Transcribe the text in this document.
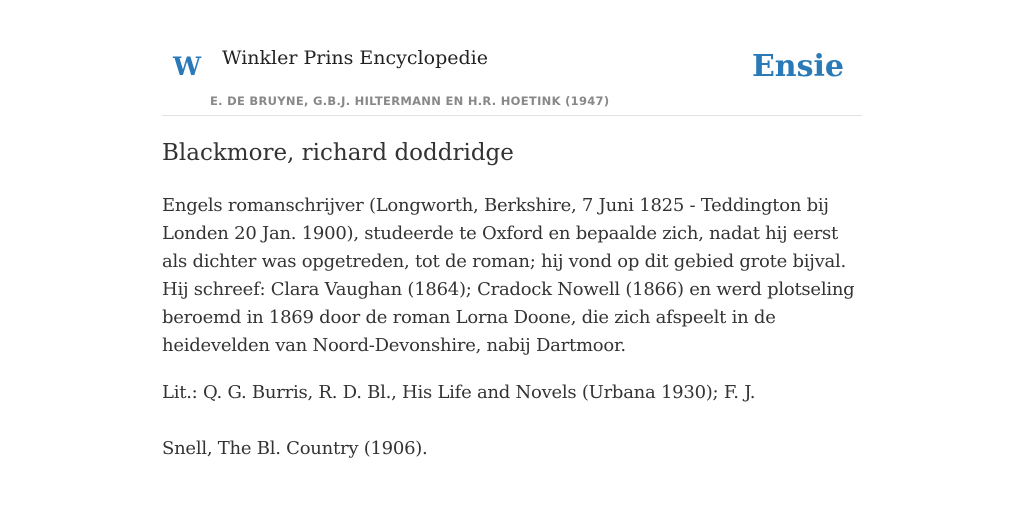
W Winkler Prins Encyclopedie
E. DE BRUYNE, G.B.J. HILTERMANN EN H.R. HOETINK (1947)
Ensie
Blackmore, richard doddridge

Engels romanschrijver (Longworth, Berkshire, 7 Juni 1825 - Teddington bij Londen 20 Jan. 1900), studeerde te Oxford en bepaalde zich, nadat hij eerst als dichter was opgetreden, tot de roman; hij vond op dit gebied grote bijval. Hij schreef: Clara Vaughan (1864); Cradock Nowell (1866) en werd plotseling beroemd in 1869 door de roman Lorna Doone, die zich afspeelt in de heidevelden van Noord-Devonshire, nabij Dartmoor.

Lit.: Q. G. Burris, R. D. Bl., His Life and Novels (Urbana 1930); F. J.

Snell, The Bl. Country (1906).
